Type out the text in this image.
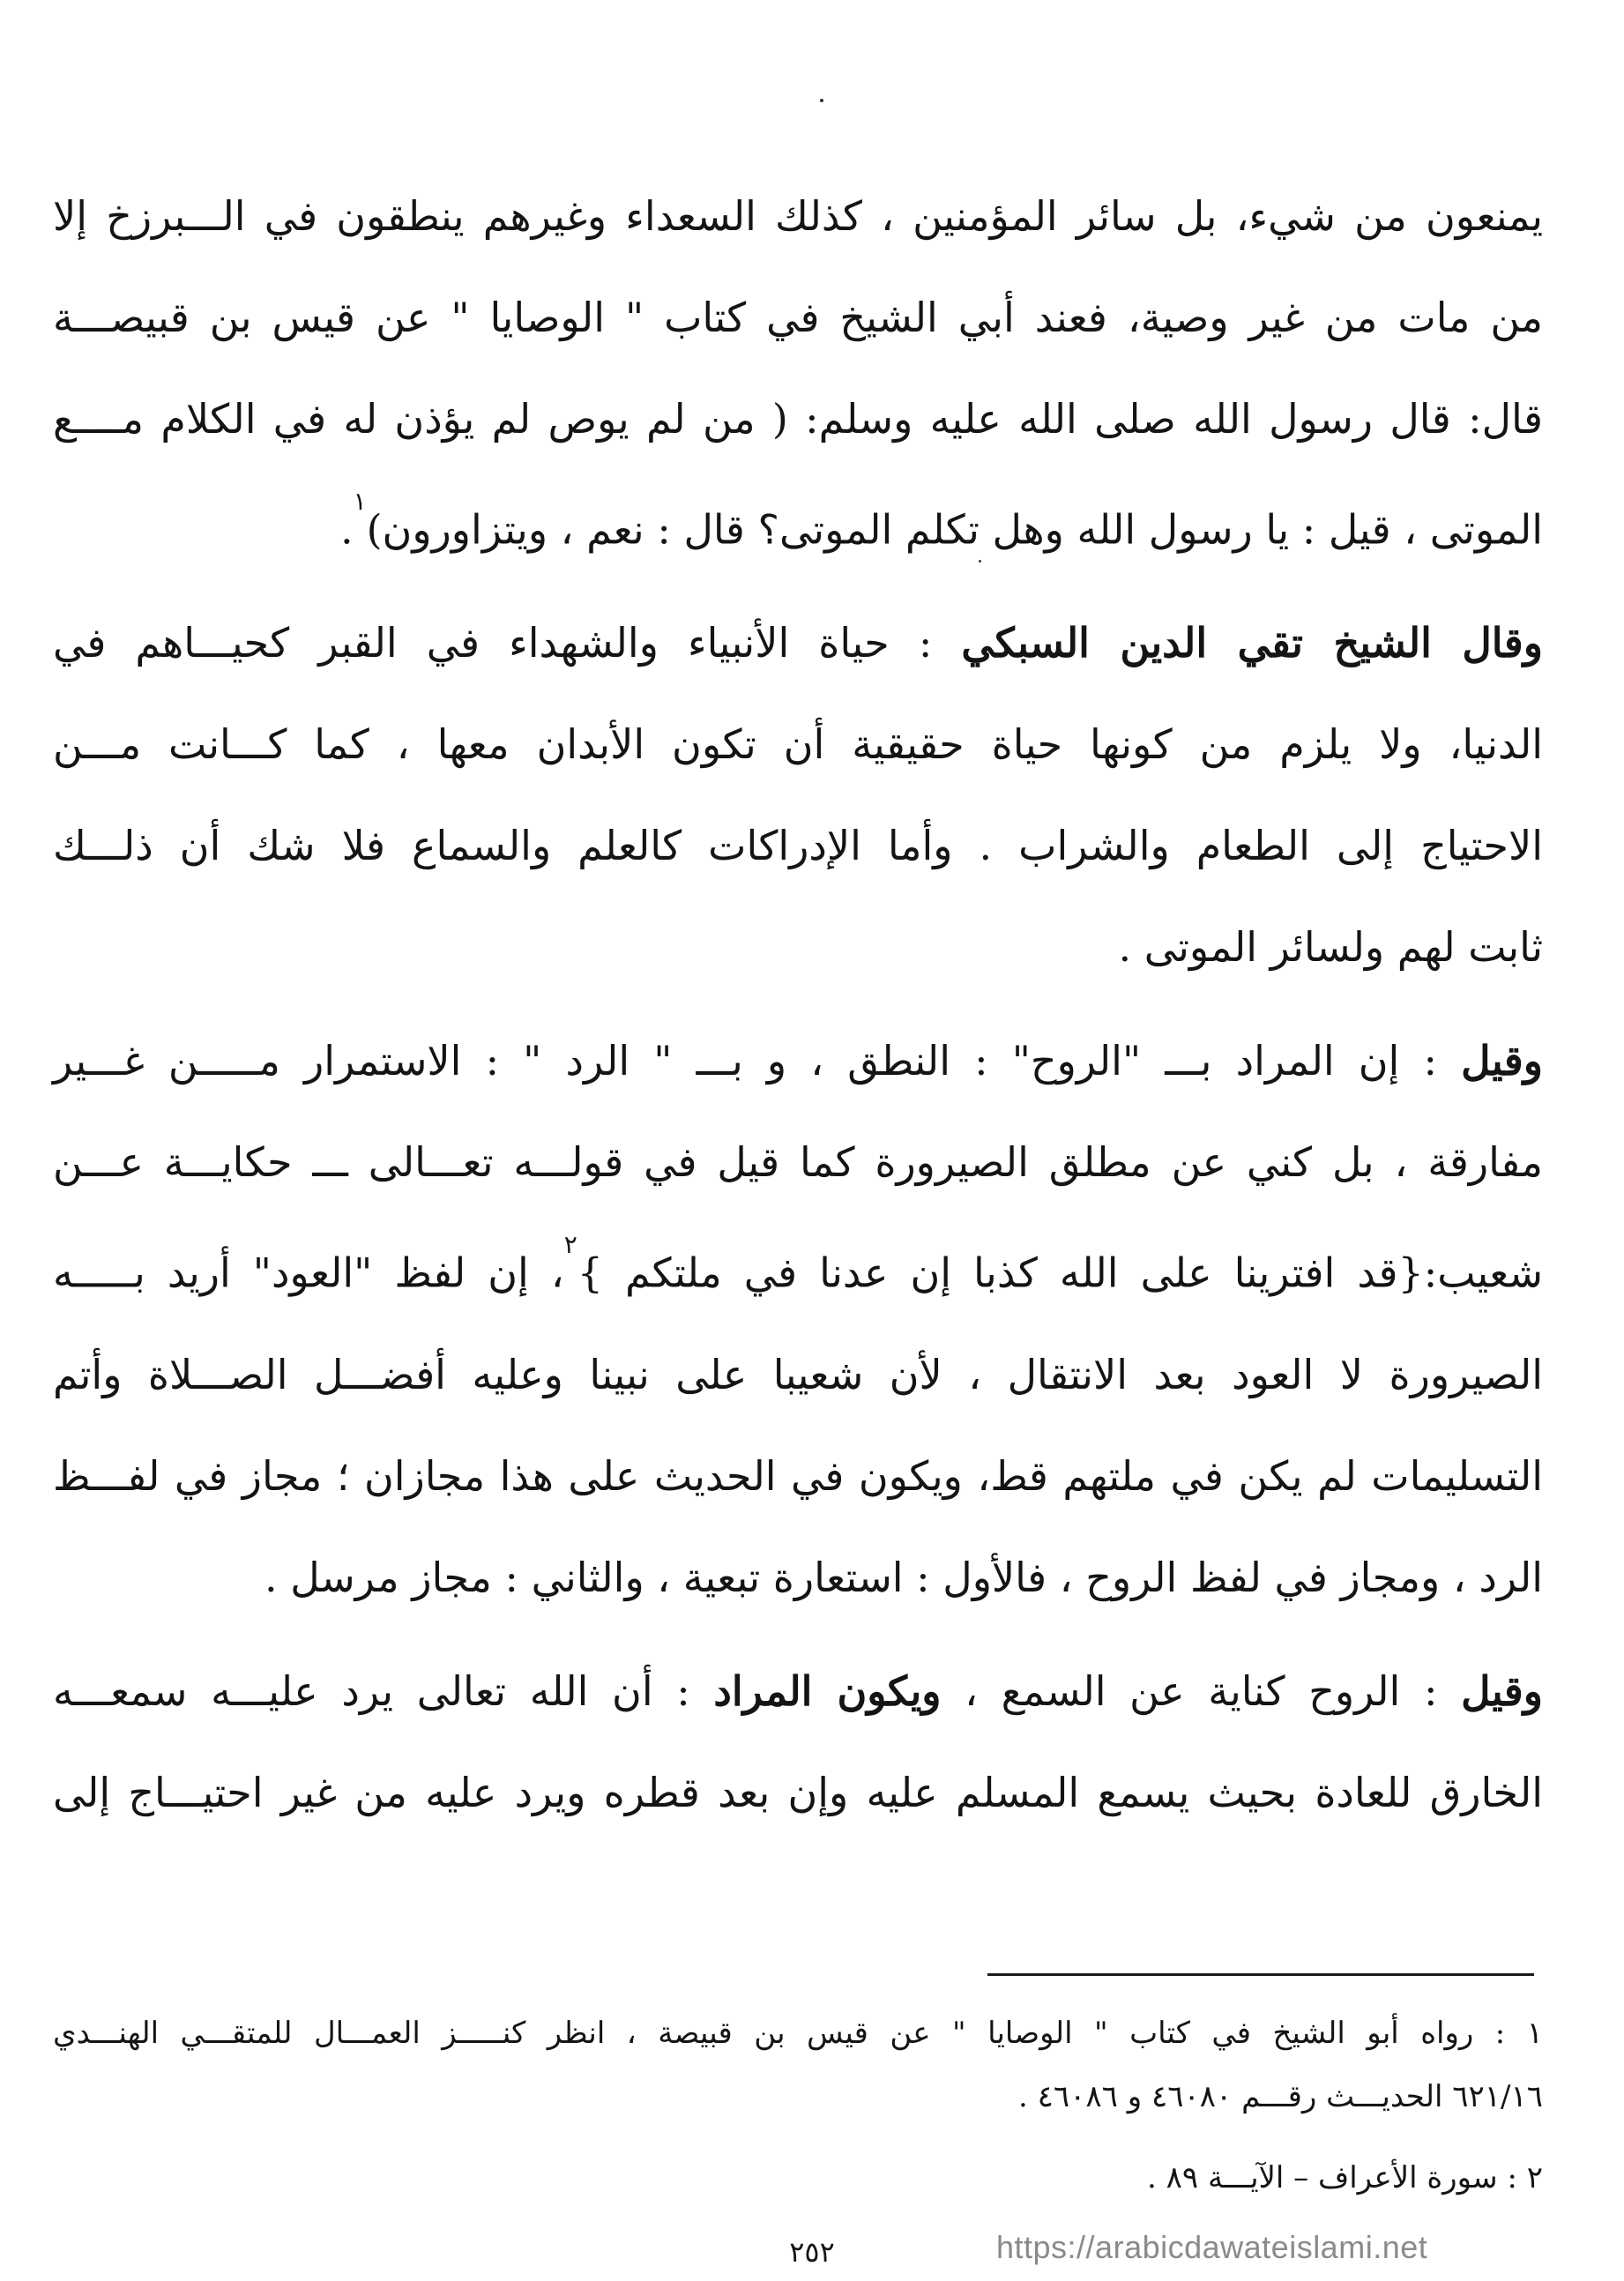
يمنعون من شيء، بل سائر المؤمنين ، كذلك السعداء وغيرهم ينطقون في الـــبرزخ إلا
من مات من غير وصية، فعند أبي الشيخ في كتاب " الوصايا " عن قيس بن قبيصـــة
قال: قال رسول الله صلى الله عليه وسلم: ( من لم يوص لم يؤذن له في الكلام مــــع
الموتى ، قيل : يا رسول الله وهل تكلم الموتى؟ قال : نعم ، ويتزاورون)$^١$.

وقال الشيخ تقي الدين السبكي : حياة الأنبياء والشهداء في القبر كحيـــاهم في
الدنيا، ولا يلزم من كونها حياة حقيقية أن تكون الأبدان معها ، كما كـــانت مـــن
الاحتياج إلى الطعام والشراب . وأما الإدراكات كالعلم والسماع فلا شك أن ذلـــك
ثابت لهم ولسائر الموتى .

وقيل : إن المراد بـــ "الروح" : النطق ، و بـــ " الرد " : الاستمرار مـــــن غـــير
مفارقة ، بل كني عن مطلق الصيرورة كما قيل في قولـــه تعـــالى ـــ حكايـــة عـــن
شعيب:{قد افترينا على الله كذبا إن عدنا في ملتكم }$^٢$، إن لفظ "العود" أريد بـــــه
الصيرورة لا العود بعد الانتقال ، لأن شعيبا على نبينا وعليه أفضـــل الصـــلاة وأتم
التسليمات لم يكن في ملتهم قط، ويكون في الحديث على هذا مجازان ؛ مجاز في لفـــظ
الرد ، ومجاز في لفظ الروح ، فالأول : استعارة تبعية ، والثاني : مجاز مرسل .

وقيل : الروح كناية عن السمع ، ويكون المراد : أن الله تعالى يرد عليـــه سمعـــه
الخارق للعادة بحيث يسمع المسلم عليه وإن بعد قطره ويرد عليه من غير احتيـــاج إلى

١ : رواه أبو الشيخ في كتاب " الوصايا " عن قيس بن قبيصة ، انظر كنـــــز العمـــال للمتقـــي الهنـــدي
٦٢١/١٦ الحديـــث رقـــم ٤٦٠٨٠ و ٤٦٠٨٦ .
٢ : سورة الأعراف – الآيـــة ٨٩ .
٢٥٢	https://arabicdawateislami.net
